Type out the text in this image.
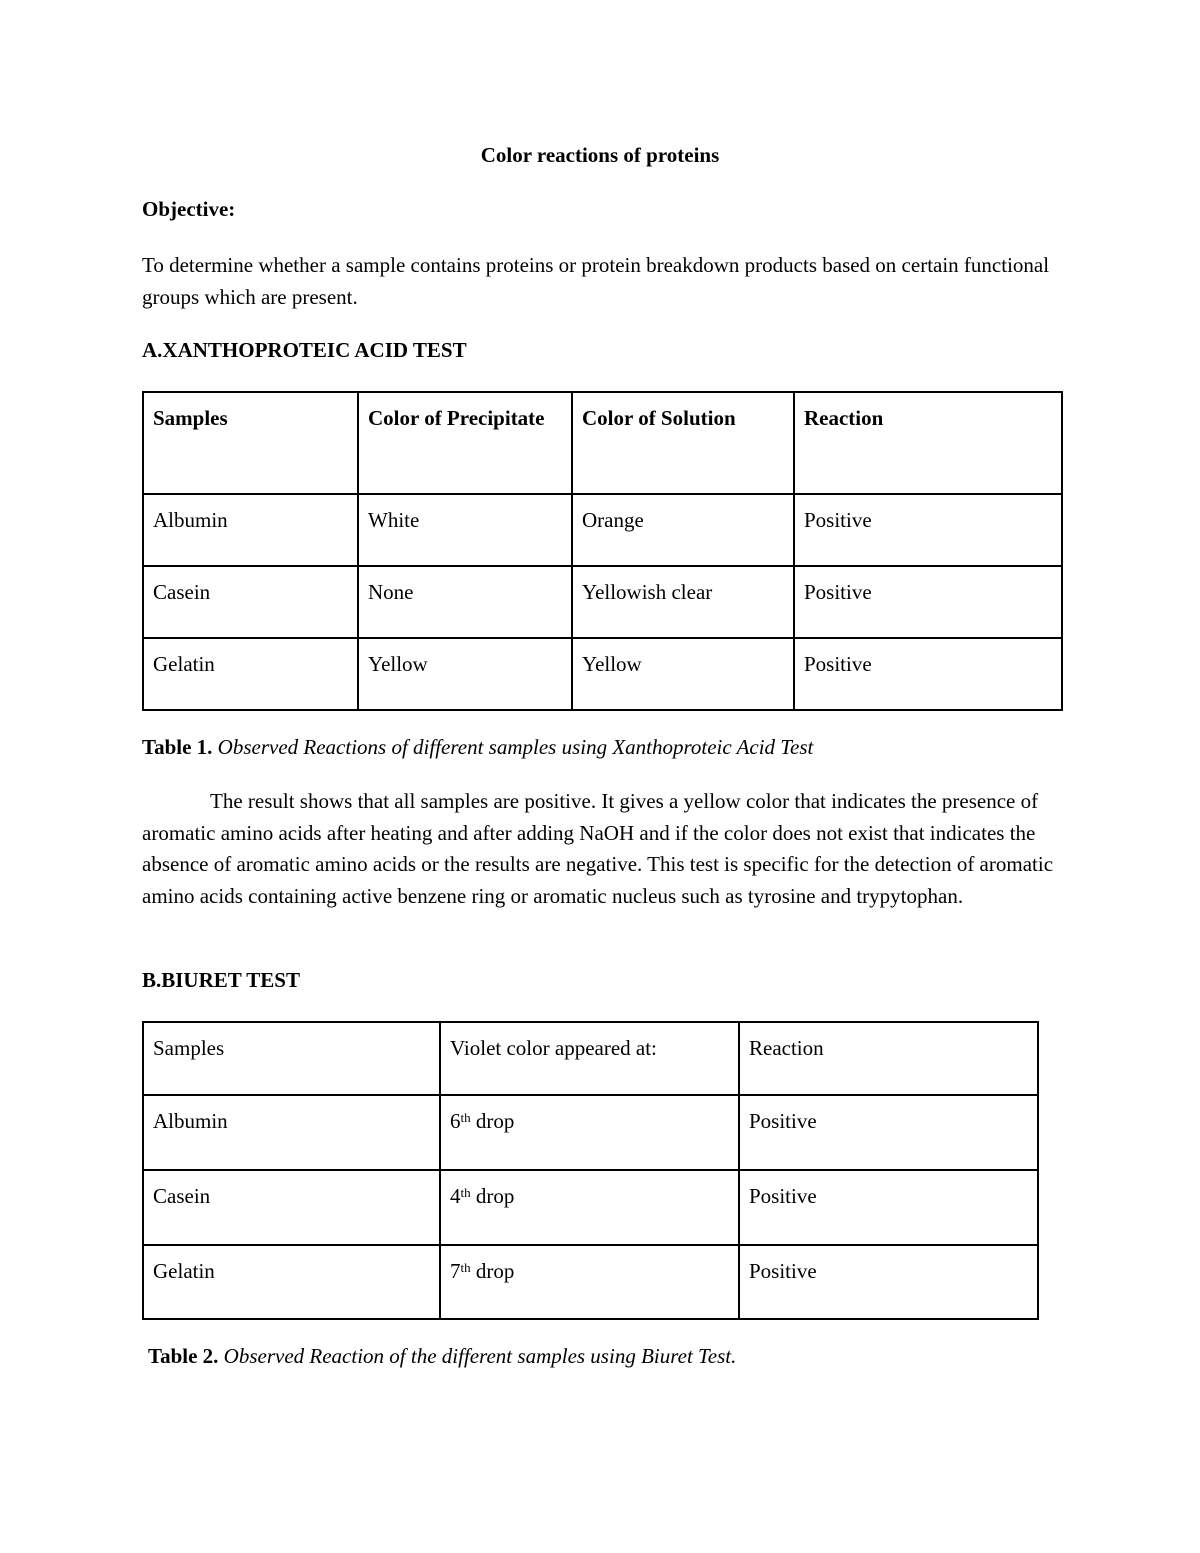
Color reactions of proteins
Objective:
To determine whether a sample contains proteins or protein breakdown products based on certain functional groups which are present.
A.XANTHOPROTEIC ACID TEST
Samples	Color of Precipitate	Color of Solution	Reaction
Albumin	White	Orange	Positive
Casein	None	Yellowish clear	Positive
Gelatin	Yellow	Yellow	Positive
Table 1. Observed Reactions of different samples using Xanthoproteic Acid Test
The result shows that all samples are positive. It gives a yellow color that indicates the presence of aromatic amino acids after heating and after adding NaOH and if the color does not exist that indicates the absence of aromatic amino acids or the results are negative. This test is specific for the detection of aromatic amino acids containing active benzene ring or aromatic nucleus such as tyrosine and trypytophan.
B.BIURET TEST
Samples	Violet color appeared at:	Reaction
Albumin	6th drop	Positive
Casein	4th drop	Positive
Gelatin	7th drop	Positive
Table 2. Observed Reaction of the different samples using Biuret Test.
